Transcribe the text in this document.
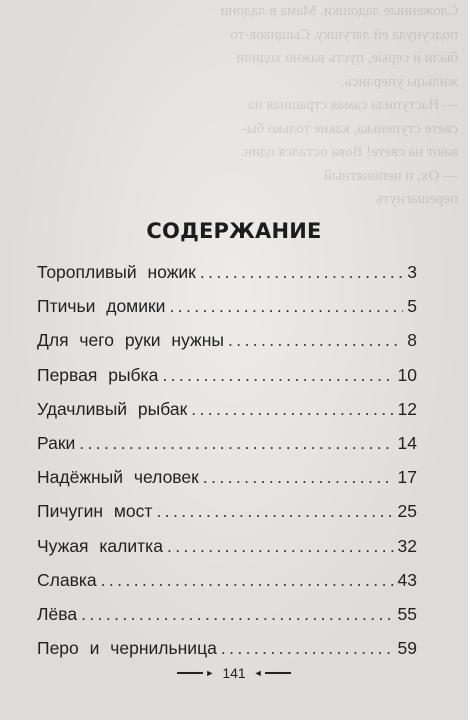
Сложенные ладошки. Мама в ладони

подсунула ей лягушку. Сыщиков-то

были и серые, пусть важно ходили

жильцы уперлись.

— Наступила самая страшная на

свете ступенька, какие только бы-

вают на свете! Вова остался один.

— Ох, и непонятный

перешагнуть

СОДЕРЖАНИЕ
Торопливый ножик .....	3
Птичьи домики .....	5
Для чего руки нужны .....	8
Первая рыбка .....	10
Удачливый рыбак .....	12
Раки .....	14
Надёжный человек .....	17
Пичугин мост .....	25
Чужая калитка .....	32
Славка .....	43
Лёва .....	55
Перо и чернильница .....	59
► 141 ◄
